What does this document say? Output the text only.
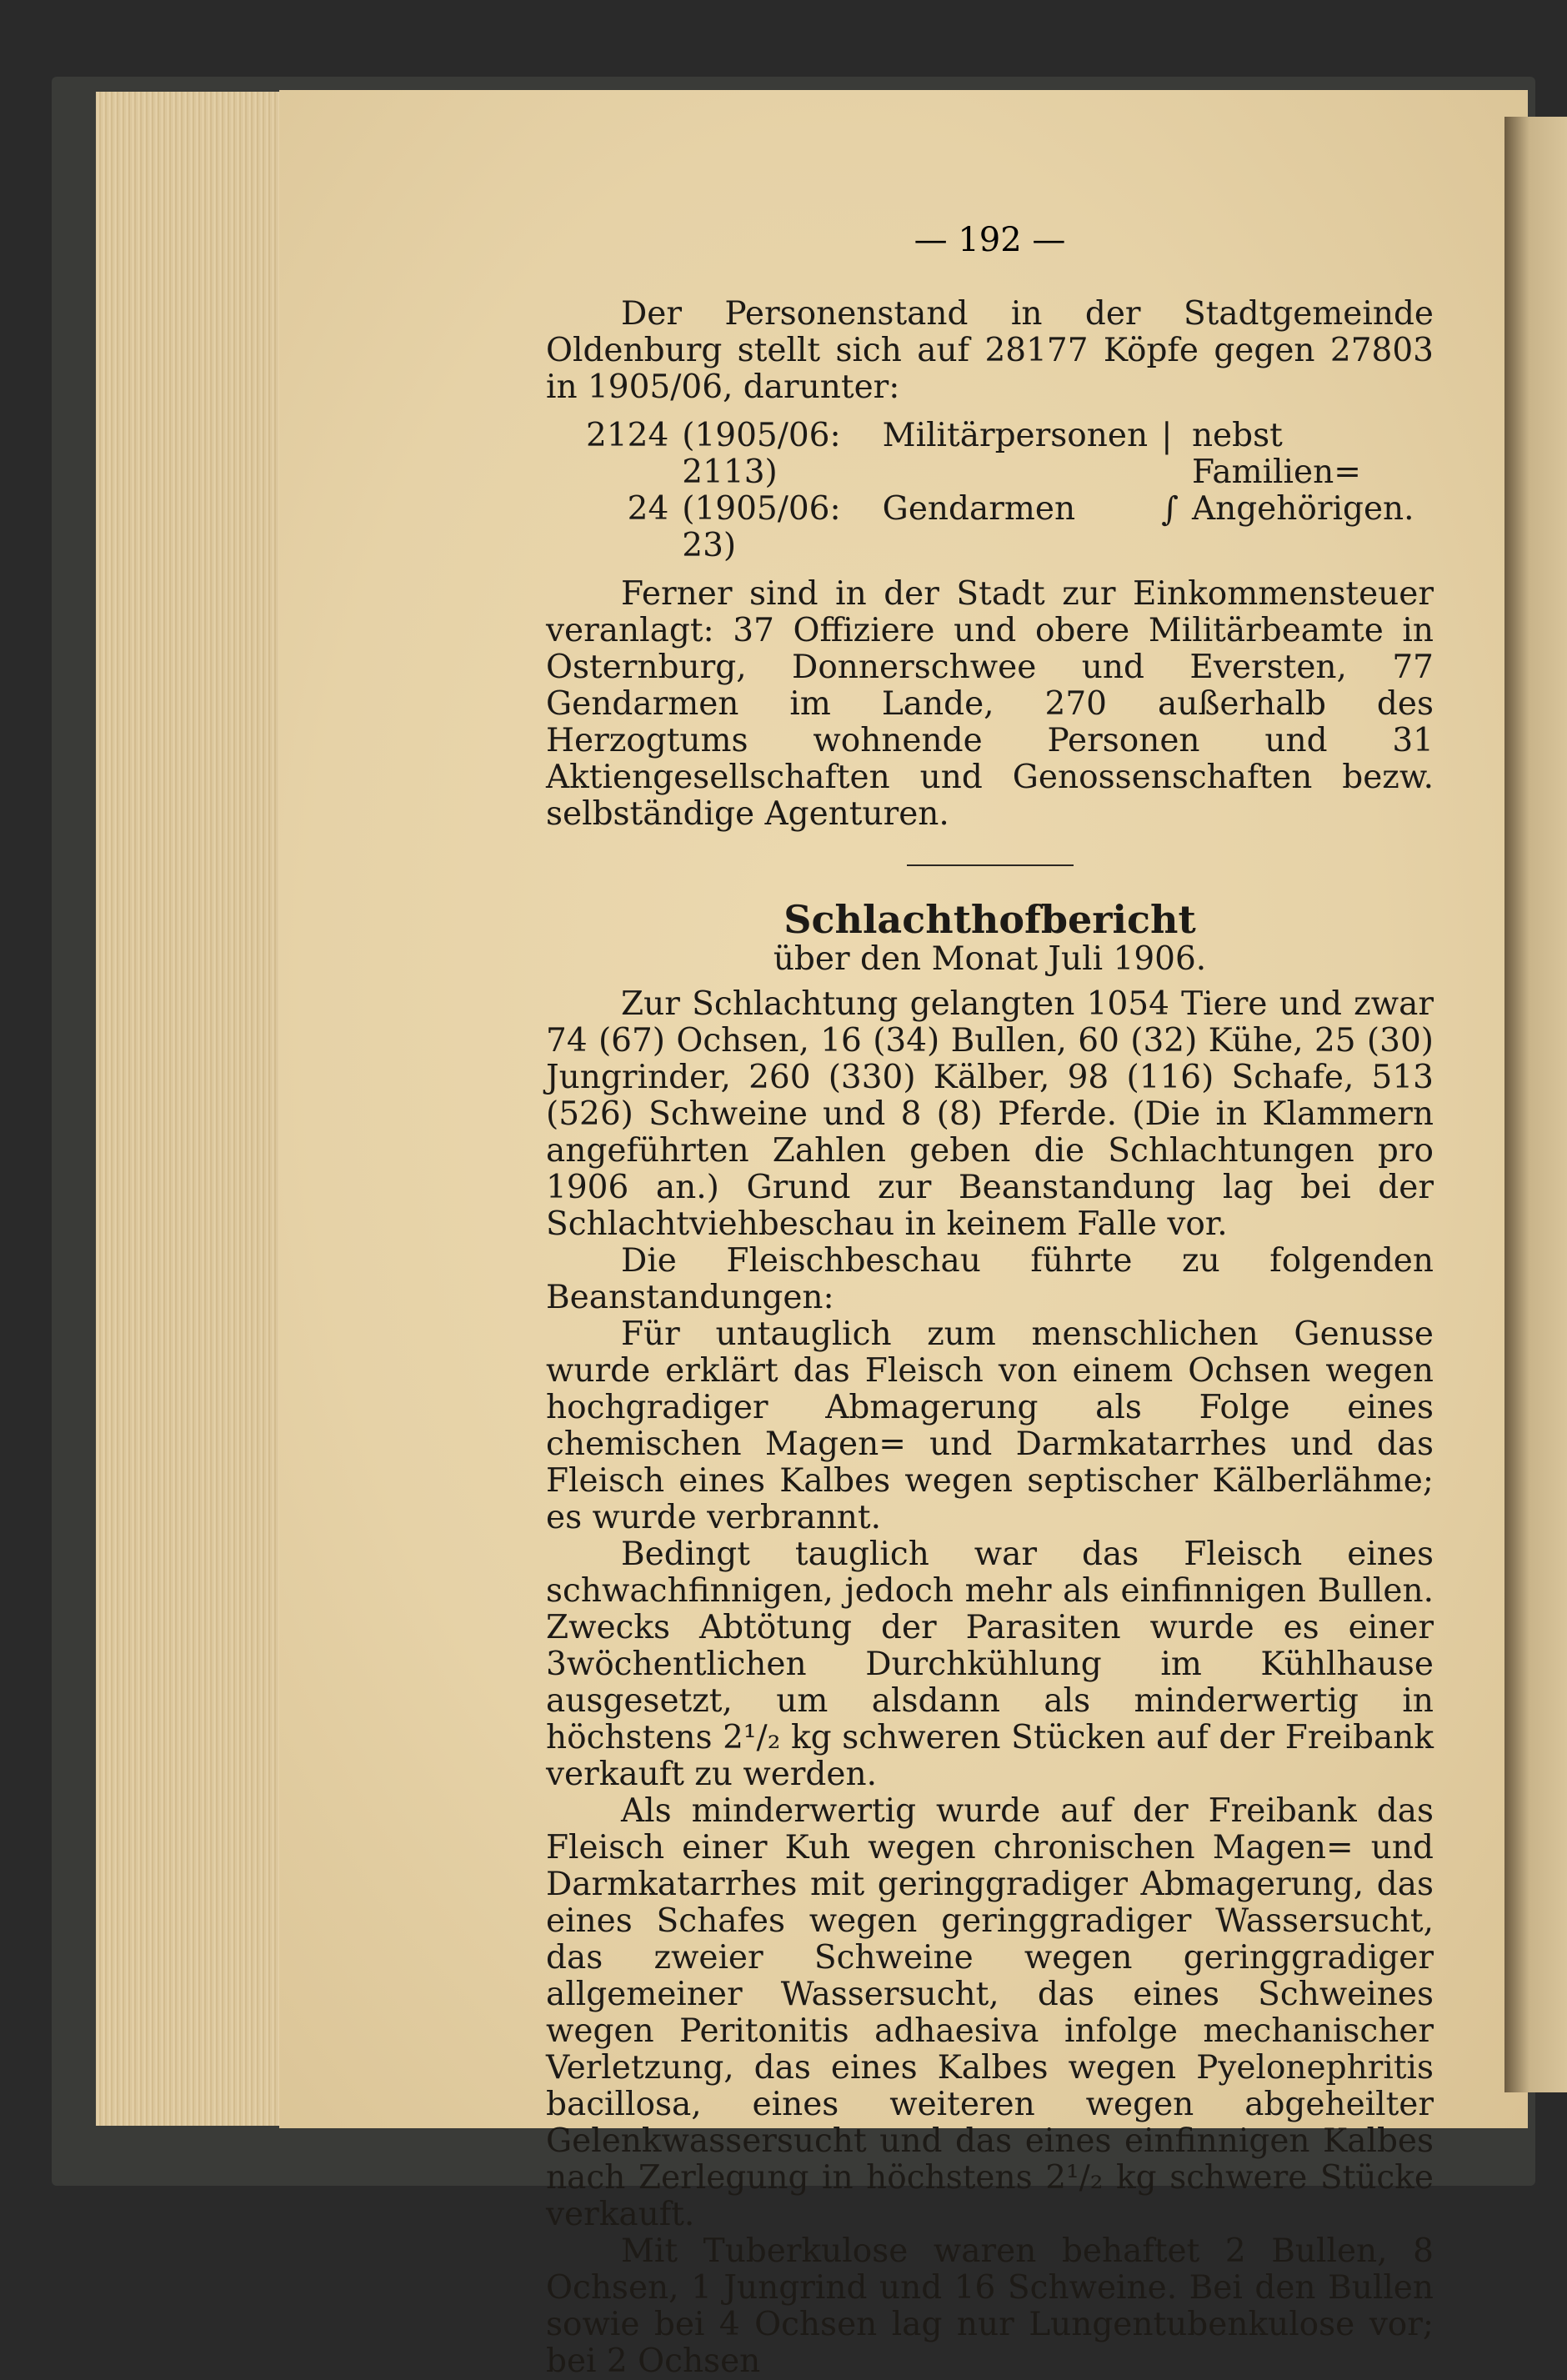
— 192 —

Der Personenstand in der Stadtgemeinde Oldenburg stellt sich auf 28177 Köpfe gegen 27803 in 1905/06, darunter:

2124	(1905/06: 2113)	Militärpersonen	|	nebst Familien=
24	(1905/06: 23)	Gendarmen	∫	Angehörigen.

Ferner sind in der Stadt zur Einkommensteuer veranlagt: 37 Offiziere und obere Militärbeamte in Osternburg, Donnerschwee und Eversten, 77 Gendarmen im Lande, 270 außerhalb des Herzogtums wohnende Personen und 31 Aktiengesellschaften und Genossenschaften bezw. selbständige Agenturen.

Schlachthofbericht
über den Monat Juli 1906.

Zur Schlachtung gelangten 1054 Tiere und zwar 74 (67) Ochsen, 16 (34) Bullen, 60 (32) Kühe, 25 (30) Jungrinder, 260 (330) Kälber, 98 (116) Schafe, 513 (526) Schweine und 8 (8) Pferde. (Die in Klammern angeführten Zahlen geben die Schlachtungen pro 1906 an.) Grund zur Beanstandung lag bei der Schlachtviehbeschau in keinem Falle vor.

Die Fleischbeschau führte zu folgenden Beanstandungen:

Für untauglich zum menschlichen Genusse wurde erklärt das Fleisch von einem Ochsen wegen hochgradiger Abmagerung als Folge eines chemischen Magen= und Darmkatarrhes und das Fleisch eines Kalbes wegen septischer Kälberlähme; es wurde verbrannt.

Bedingt tauglich war das Fleisch eines schwachfinnigen, jedoch mehr als einfinnigen Bullen. Zwecks Abtötung der Parasiten wurde es einer 3wöchentlichen Durchkühlung im Kühlhause ausgesetzt, um alsdann als minderwertig in höchstens 2¹/₂ kg schweren Stücken auf der Freibank verkauft zu werden.

Als minderwertig wurde auf der Freibank das Fleisch einer Kuh wegen chronischen Magen= und Darmkatarrhes mit geringgradiger Abmagerung, das eines Schafes wegen geringgradiger Wassersucht, das zweier Schweine wegen geringgradiger allgemeiner Wassersucht, das eines Schweines wegen Peritonitis adhaesiva infolge mechanischer Verletzung, das eines Kalbes wegen Pyelonephritis bacillosa, eines weiteren wegen abgeheilter Gelenkwassersucht und das eines einfinnigen Kalbes nach Zerlegung in höchstens 2¹/₂ kg schwere Stücke verkauft.

Mit Tuberkulose waren behaftet 2 Bullen, 8 Ochsen, 1 Jungrind und 16 Schweine. Bei den Bullen sowie bei 4 Ochsen lag nur Lungentubenkulose vor; bei 2 Ochsen
